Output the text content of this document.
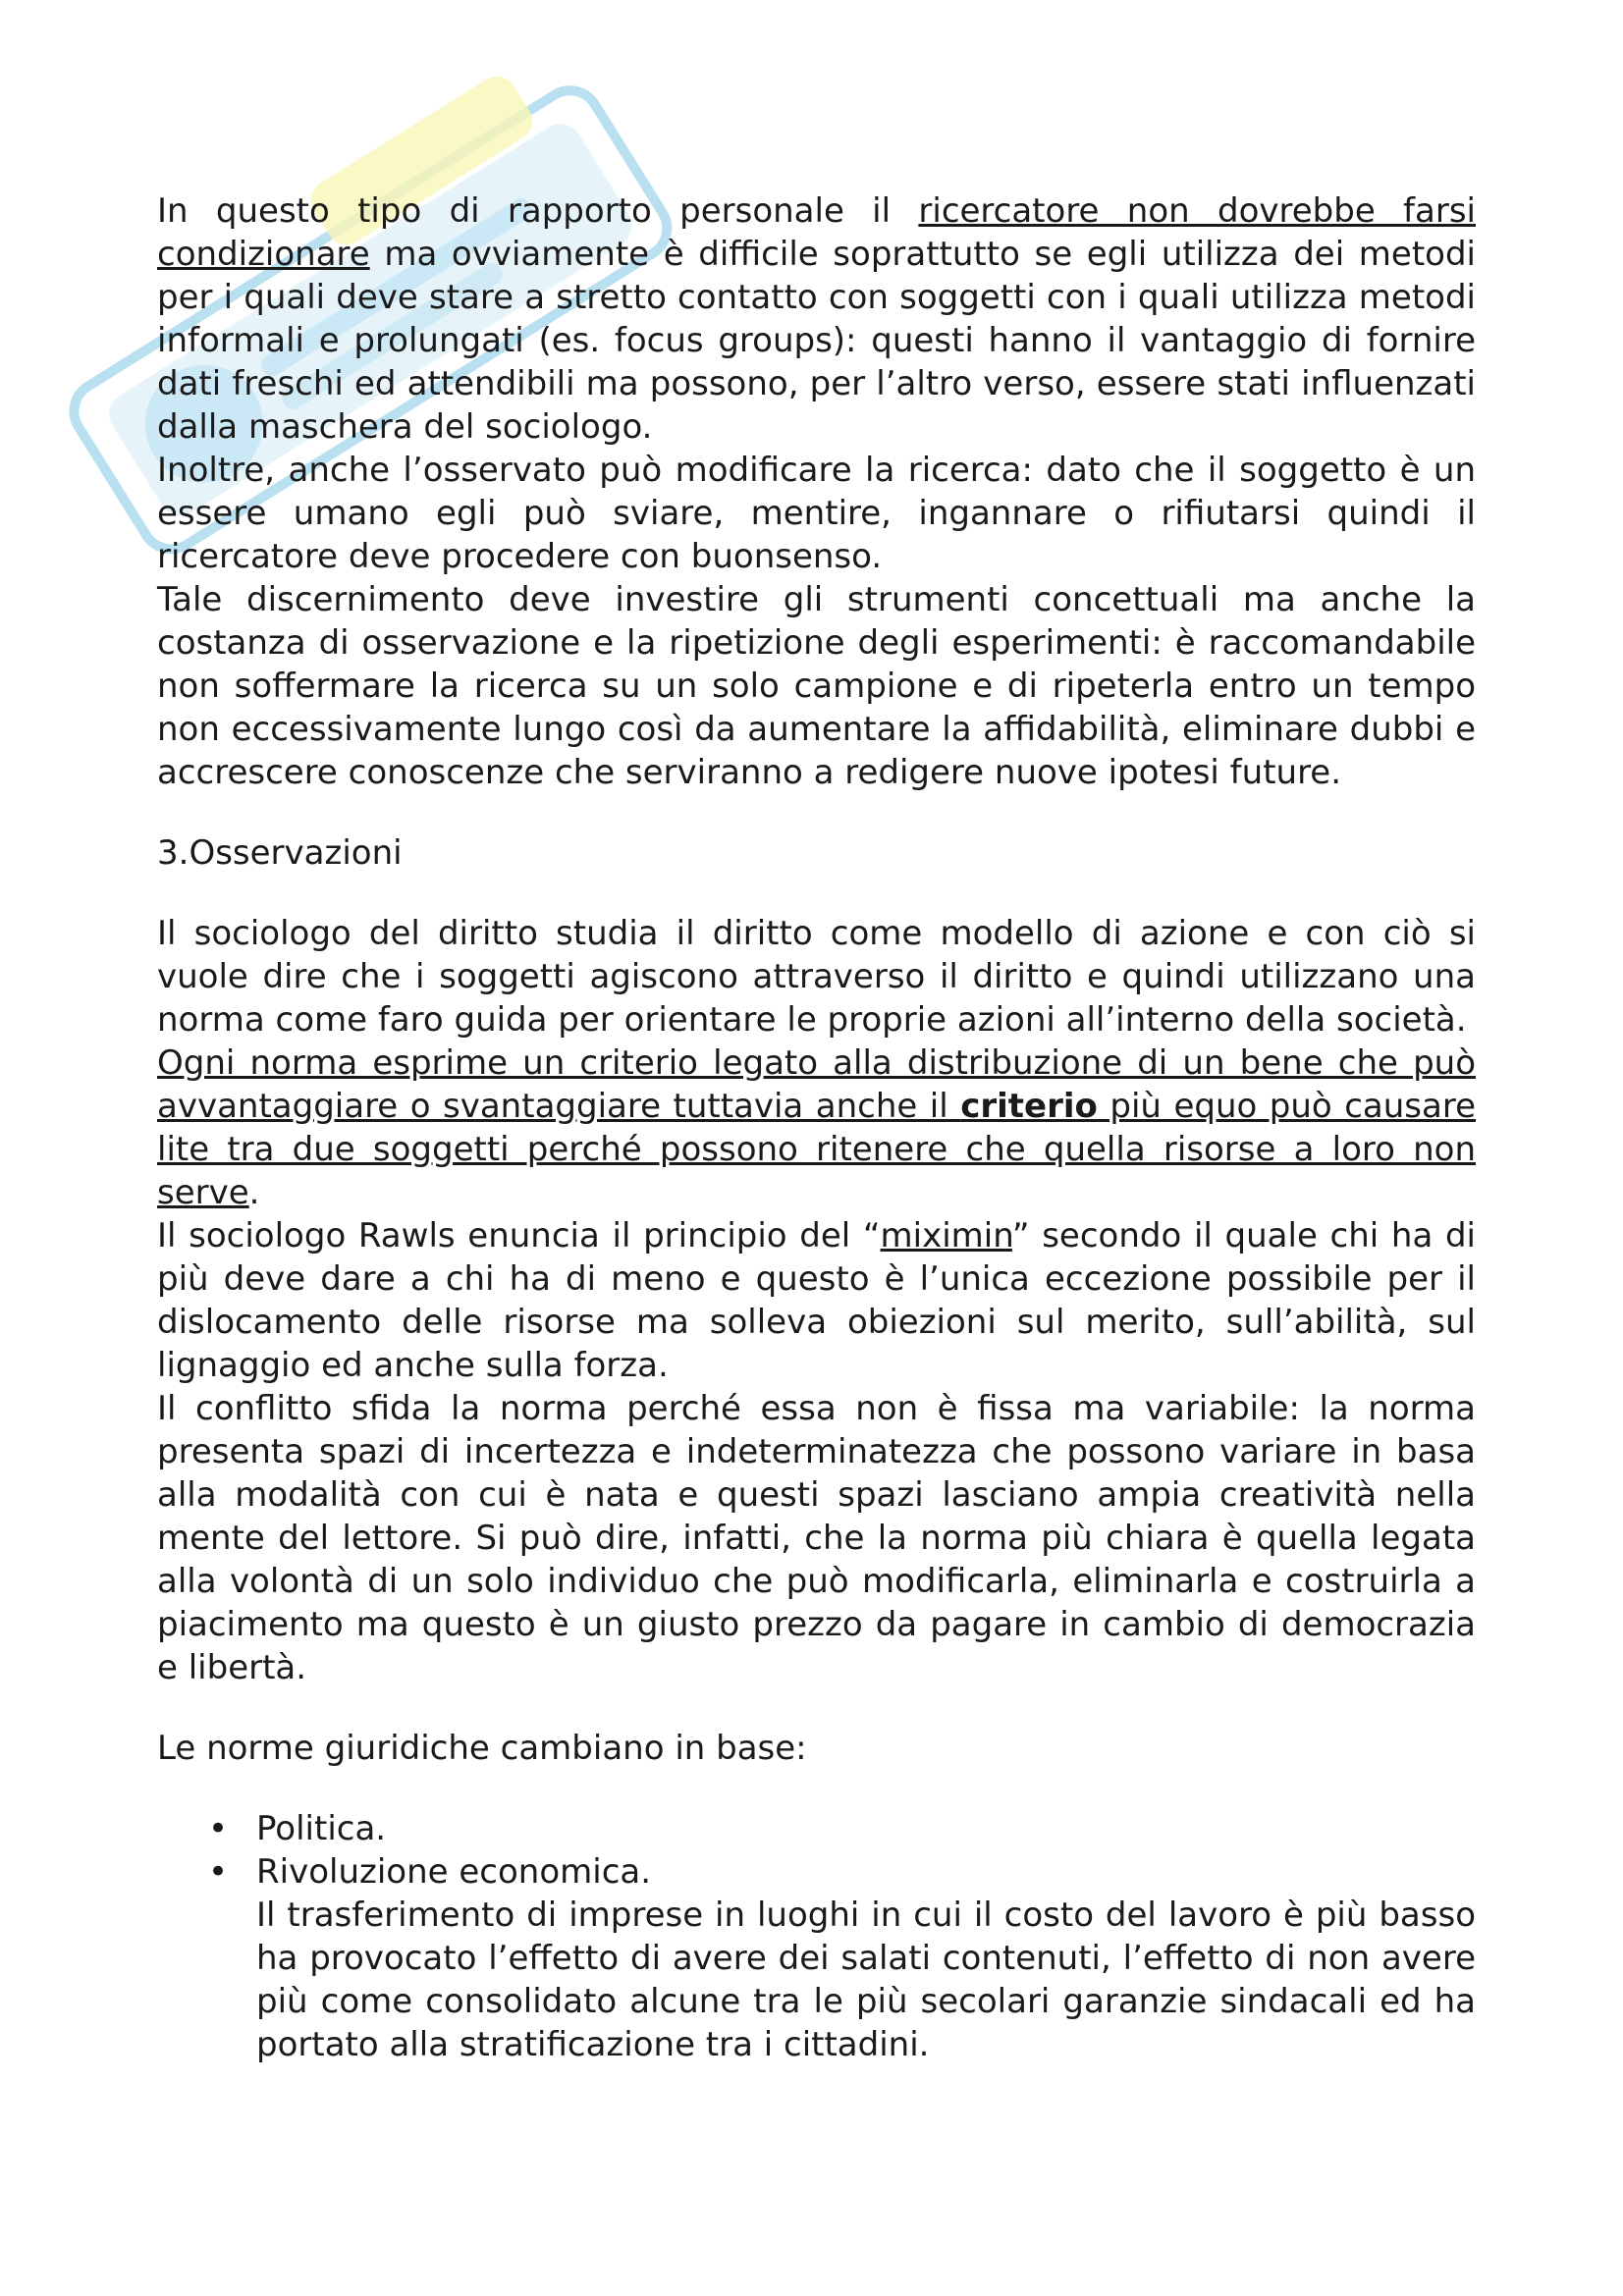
In questo tipo di rapporto personale il ricercatore non dovrebbe farsi condizionare ma ovviamente è difficile soprattutto se egli utilizza dei metodi per i quali deve stare a stretto contatto con soggetti con i quali utilizza metodi informali e prolungati (es. focus groups): questi hanno il vantaggio di fornire dati freschi ed attendibili ma possono, per l’altro verso, essere stati influenzati dalla maschera del sociologo.

Inoltre, anche l’osservato può modificare la ricerca: dato che il soggetto è un essere umano egli può sviare, mentire, ingannare o rifiutarsi quindi il ricercatore deve procedere con buonsenso.

Tale discernimento deve investire gli strumenti concettuali ma anche la costanza di osservazione e la ripetizione degli esperimenti: è raccomandabile non soffermare la ricerca su un solo campione e di ripeterla entro un tempo non eccessivamente lungo così da aumentare la affidabilità, eliminare dubbi e accrescere conoscenze che serviranno a redigere nuove ipotesi future.

3.Osservazioni

Il sociologo del diritto studia il diritto come modello di azione e con ciò si vuole dire che i soggetti agiscono attraverso il diritto e quindi utilizzano una norma come faro guida per orientare le proprie azioni all’interno della società.

Ogni norma esprime un criterio legato alla distribuzione di un bene che può avvantaggiare o svantaggiare tuttavia anche il criterio più equo può causare lite tra due soggetti perché possono ritenere che quella risorse a loro non serve.

Il sociologo Rawls enuncia il principio del “miximin” secondo il quale chi ha di più deve dare a chi ha di meno e questo è l’unica eccezione possibile per il dislocamento delle risorse ma solleva obiezioni sul merito, sull’abilità, sul lignaggio ed anche sulla forza.

Il conflitto sfida la norma perché essa non è fissa ma variabile: la norma presenta spazi di incertezza e indeterminatezza che possono variare in basa alla modalità con cui è nata e questi spazi lasciano ampia creatività nella mente del lettore. Si può dire, infatti, che la norma più chiara è quella legata alla volontà di un solo individuo che può modificarla, eliminarla e costruirla a piacimento ma questo è un giusto prezzo da pagare in cambio di democrazia e libertà.

Le norme giuridiche cambiano in base:

• Politica.
• Rivoluzione economica.

Il trasferimento di imprese in luoghi in cui il costo del lavoro è più basso ha provocato l’effetto di avere dei salati contenuti, l’effetto di non avere più come consolidato alcune tra le più secolari garanzie sindacali ed ha portato alla stratificazione tra i cittadini.
